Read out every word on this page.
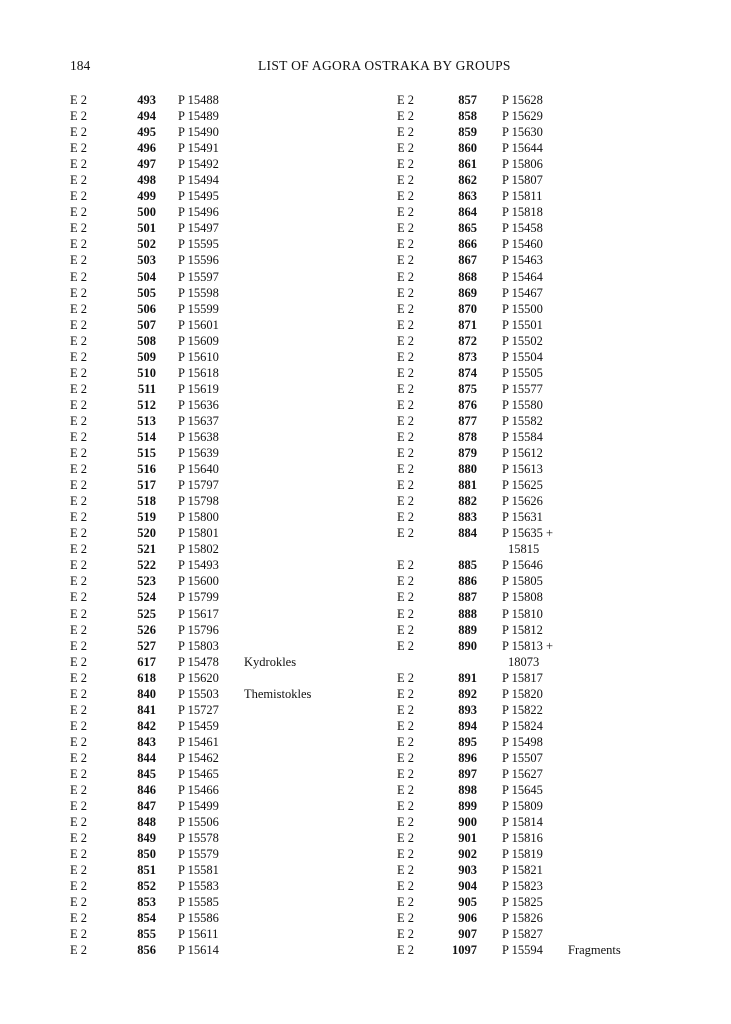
184	LIST OF AGORA OSTRAKA BY GROUPS
E 2	493 P 15488
E 2	494 P 15489
E 2	495 P 15490
E 2	496 P 15491
E 2	497 P 15492
E 2	498 P 15494
E 2	499 P 15495
E 2	500 P 15496
E 2	501 P 15497
E 2	502 P 15595
E 2	503 P 15596
E 2	504 P 15597
E 2	505 P 15598
E 2	506 P 15599
E 2	507 P 15601
E 2	508 P 15609
E 2	509 P 15610
E 2	510 P 15618
E 2	511 P 15619
E 2	512 P 15636
E 2	513 P 15637
E 2	514 P 15638
E 2	515 P 15639
E 2	516 P 15640
E 2	517 P 15797
E 2	518 P 15798
E 2	519 P 15800
E 2	520 P 15801
E 2	521 P 15802
E 2	522 P 15493
E 2	523 P 15600
E 2	524 P 15799
E 2	525 P 15617
E 2	526 P 15796
E 2	527 P 15803
E 2	617 P 15478 Kydrokles
E 2	618 P 15620
E 2	840 P 15503 Themistokles
E 2	841 P 15727
E 2	842 P 15459
E 2	843 P 15461
E 2	844 P 15462
E 2	845 P 15465
E 2	846 P 15466
E 2	847 P 15499
E 2	848 P 15506
E 2	849 P 15578
E 2	850 P 15579
E 2	851 P 15581
E 2	852 P 15583
E 2	853 P 15585
E 2	854 P 15586
E 2	855 P 15611
E 2	856 P 15614
E 2	857 P 15628
E 2	858 P 15629
E 2	859 P 15630
E 2	860 P 15644
E 2	861 P 15806
E 2	862 P 15807
E 2	863 P 15811
E 2	864 P 15818
E 2	865 P 15458
E 2	866 P 15460
E 2	867 P 15463
E 2	868 P 15464
E 2	869 P 15467
E 2	870 P 15500
E 2	871 P 15501
E 2	872 P 15502
E 2	873 P 15504
E 2	874 P 15505
E 2	875 P 15577
E 2	876 P 15580
E 2	877 P 15582
E 2	878 P 15584
E 2	879 P 15612
E 2	880 P 15613
E 2	881 P 15625
E 2	882 P 15626
E 2	883 P 15631
E 2	884 P 15635 +
15815
E 2	885 P 15646
E 2	886 P 15805
E 2	887 P 15808
E 2	888 P 15810
E 2	889 P 15812
E 2	890 P 15813 +
18073
E 2	891 P 15817
E 2	892 P 15820
E 2	893 P 15822
E 2	894 P 15824
E 2	895 P 15498
E 2	896 P 15507
E 2	897 P 15627
E 2	898 P 15645
E 2	899 P 15809
E 2	900 P 15814
E 2	901 P 15816
E 2	902 P 15819
E 2	903 P 15821
E 2	904 P 15823
E 2	905 P 15825
E 2	906 P 15826
E 2	907 P 15827
E 2	1097 P 15594 Fragments
